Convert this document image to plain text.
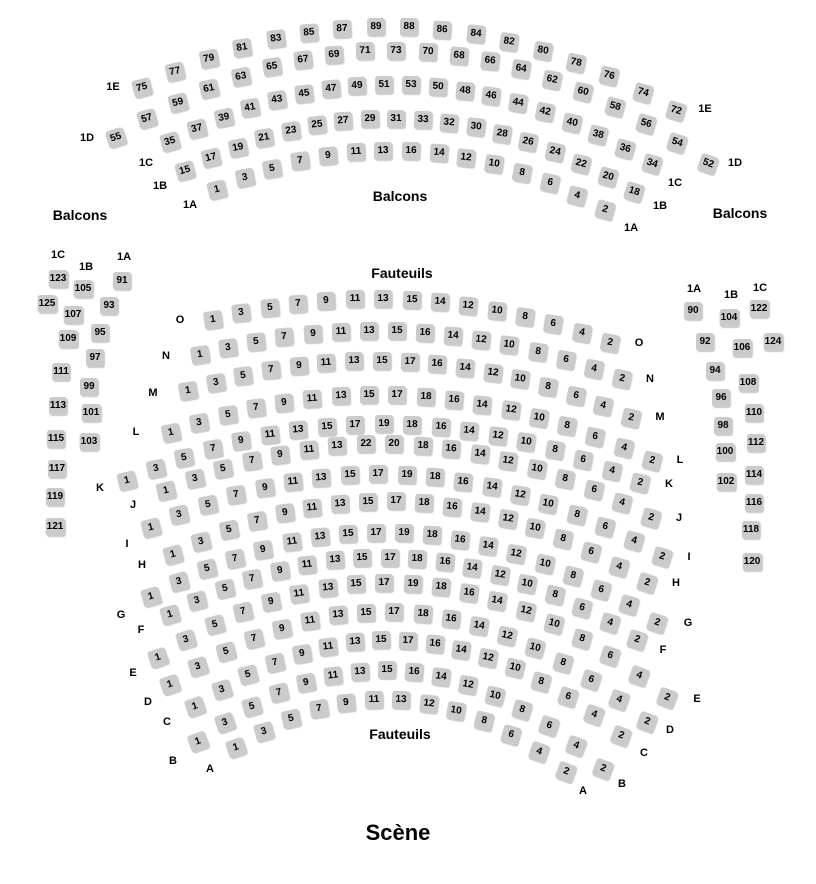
Balcons
Balcons
Balcons
Fauteuils
Fauteuils
Scène
1
3
5
7	9	11	13	16	14	12
10
8
6
4
2
1A
1A
15
17
19
21
23	25	27	29	31	33	32	30
28
26
24
22
20
18
1B
1B
35
37
39
41
43
45	47	49	51	53	50	48	46
44
42
40
38
36
34
1C
1C
55
57
59
61
63
65
67	69	71	73	70	68	66
64
62
60
58
56
54
52
1D
1D
75
77
79
81
83
85	87	89	88	86	84
82
80
78
76
74
72
1E
1E
1
3	5	7	9	11	13	15	14	12	10
8
6
4
2
O
O
1
3
5	7	9	11	13	15	16	14	12	10
8
6
4
2
N
N
1
3
5	7	9	11	13	15	17	16	14	12
10
8
6
4
2
M
M
1
3
5
7	9	11	13	15	17	18	16	14	12
10
8
6
4
2
L
L
1
3
5
7
9
11	13	15	17	19	18	16	14	12
10
8
6
4
2
K	K
1
3
5
7
9	11	13	22	20	18	16	14
12
10
8
6
4
2
J
J
1
3
5
7
9	11	13	15	17	19	18	16	14
12
10
8
6
4
2
I
I
1
3
5
7
9	11	13	15	17	18	16	14
12
10
8
6
4
2
H
H
1
3
5
7
9
11	13	15	17	19	18	16	14
12
10
8
6
4
2
G
G
1
3
5
7
9
11	13	15	17	18	16	14
12
10
8
6
4
2
F
F
1
3
5
7
9
11	13	15	17	19	18	16
14
12
10
8
6
4
2
E
E
1
3
5
7
9
11	13	15	17	18	16
14
12
10
8
6
4
2
D
D
1
3
5
7
9
11	13	15	17	16	14
12
10
8
6
4
2
C
C
1
3
5
7
9
11	13	15	16	14
12
10
8
6
4
2
B
B
1
3
5
7
9	11	13	12
10
8
6
4
2
A
A
1C
123
125
1B
105
107
109
111
113
115
117
119
121
1A
91
93
95
97
99
101
103
1A
90
92
94
96
98
100
102
1B
104
106
108
110
112
114
116
118
120
1C
122
124
